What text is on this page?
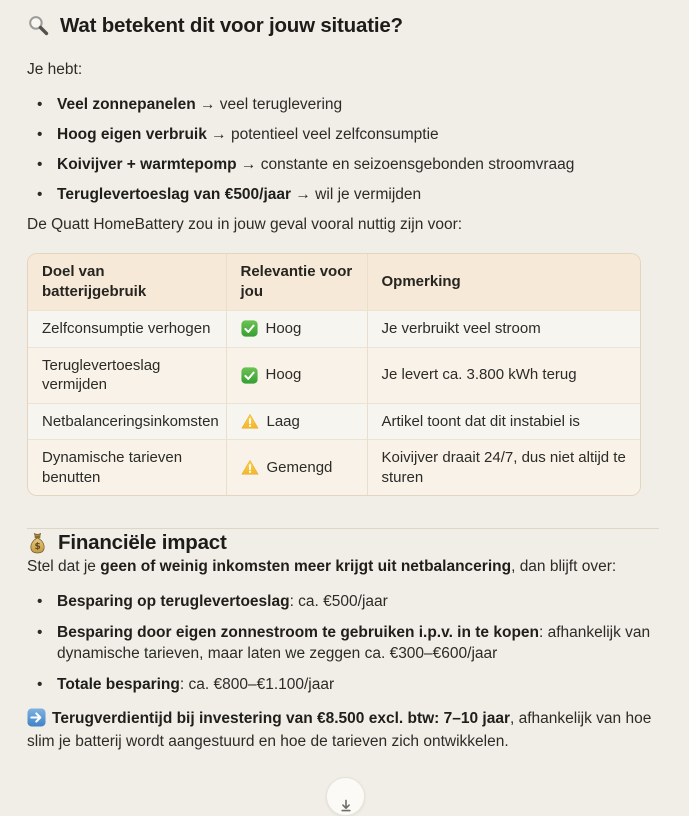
Wat betekent dit voor jouw situatie?

Je hebt:

• Veel zonnepanelen → veel teruglevering
• Hoog eigen verbruik → potentieel veel zelfconsumptie
• Koivijver + warmtepomp → constante en seizoensgebonden stroomvraag
• Teruglevertoeslag van €500/jaar → wil je vermijden

De Quatt HomeBattery zou in jouw geval vooral nuttig zijn voor:

Doel van batterijgebruik	Relevantie voor jou	Opmerking
Zelfconsumptie verhogen	Hoog	Je verbruikt veel stroom
Teruglevertoeslag vermijden	Hoog	Je levert ca. 3.800 kWh terug
Netbalanceringsinkomsten	Laag	Artikel toont dat dit instabiel is
Dynamische tarieven benutten	Gemengd	Koivijver draait 24/7, dus niet altijd te sturen
$ Financiële impact

Stel dat je geen of weinig inkomsten meer krijgt uit netbalancering, dan blijft over:

• Besparing op teruglevertoeslag: ca. €500/jaar
• Besparing door eigen zonnestroom te gebruiken i.p.v. in te kopen: afhankelijk van dynamische tarieven, maar laten we zeggen ca. €300–€600/jaar
• Totale besparing: ca. €800–€1.100/jaar

Terugverdientijd bij investering van €8.500 excl. btw: 7–10 jaar, afhankelijk van hoe slim je batterij wordt aangestuurd en hoe de tarieven zich ontwikkelen.
